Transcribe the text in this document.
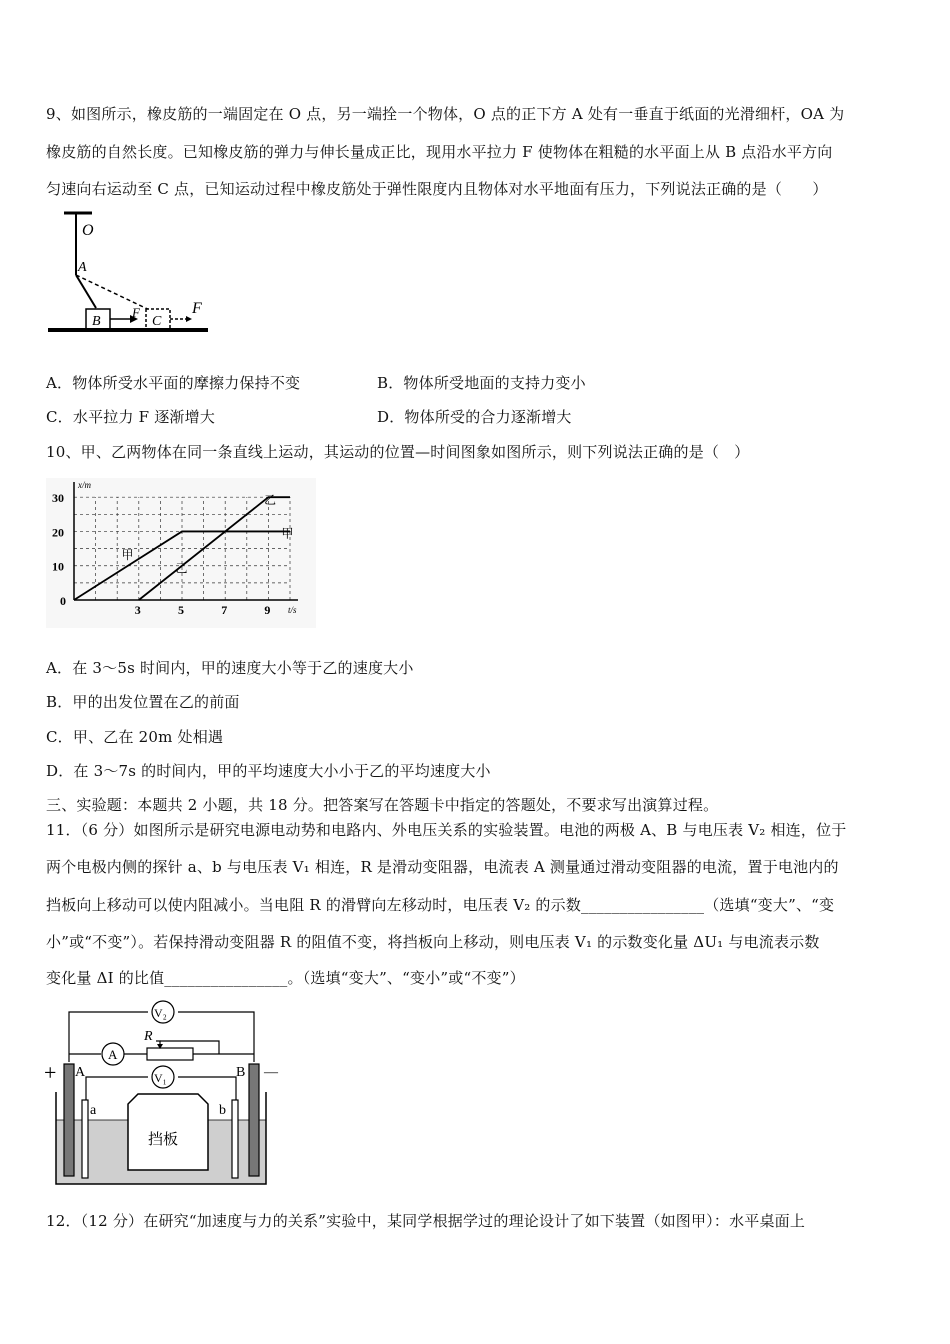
9、如图所示，橡皮筋的一端固定在 O 点，另一端拴一个物体，O 点的正下方 A 处有一垂直于纸面的光滑细杆，OA 为
橡皮筋的自然长度。已知橡皮筋的弹力与伸长量成正比，现用水平拉力 F 使物体在粗糙的水平面上从 B 点沿水平方向
匀速向右运动至 C 点，已知运动过程中橡皮筋处于弹性限度内且物体对水平地面有压力，下列说法正确的是（　　）
O
A
B
F
C
F
A．物体所受水平面的摩擦力保持不变	B．物体所受地面的支持力变小
C．水平拉力 F 逐渐增大	D．物体所受的合力逐渐增大
10、甲、乙两物体在同一条直线上运动，其运动的位置—时间图象如图所示，则下列说法正确的是（　）
3	5	7	9
0
10
20
30
x/m
t/s
甲
甲
乙
乙
A．在 3～5s 时间内，甲的速度大小等于乙的速度大小
B．甲的出发位置在乙的前面
C．甲、乙在 20m 处相遇
D．在 3～7s 的时间内，甲的平均速度大小小于乙的平均速度大小
三、实验题：本题共 2 小题，共 18 分。把答案写在答题卡中指定的答题处，不要求写出演算过程。
11．（6 分）如图所示是研究电源电动势和电路内、外电压关系的实验装置。电池的两极 A、B 与电压表 V₂ 相连，位于
两个电极内侧的探针 a、b 与电压表 V₁ 相连，R 是滑动变阻器，电流表 A 测量通过滑动变阻器的电流，置于电池内的
挡板向上移动可以使内阻减小。当电阻 R 的滑臂向左移动时，电压表 V₂ 的示数________________（选填“变大”、“变
小”或“不变”）。若保持滑动变阻器 R 的阻值不变，将挡板向上移动，则电压表 V₁ 的示数变化量 ΔU₁ 与电流表示数
变化量 ΔI 的比值________________。（选填“变大”、“变小”或“不变”）
V₂
A
R
V₁
挡板
+	—
A	B
a	b
12．（12 分）在研究“加速度与力的关系”实验中，某同学根据学过的理论设计了如下装置（如图甲）：水平桌面上
